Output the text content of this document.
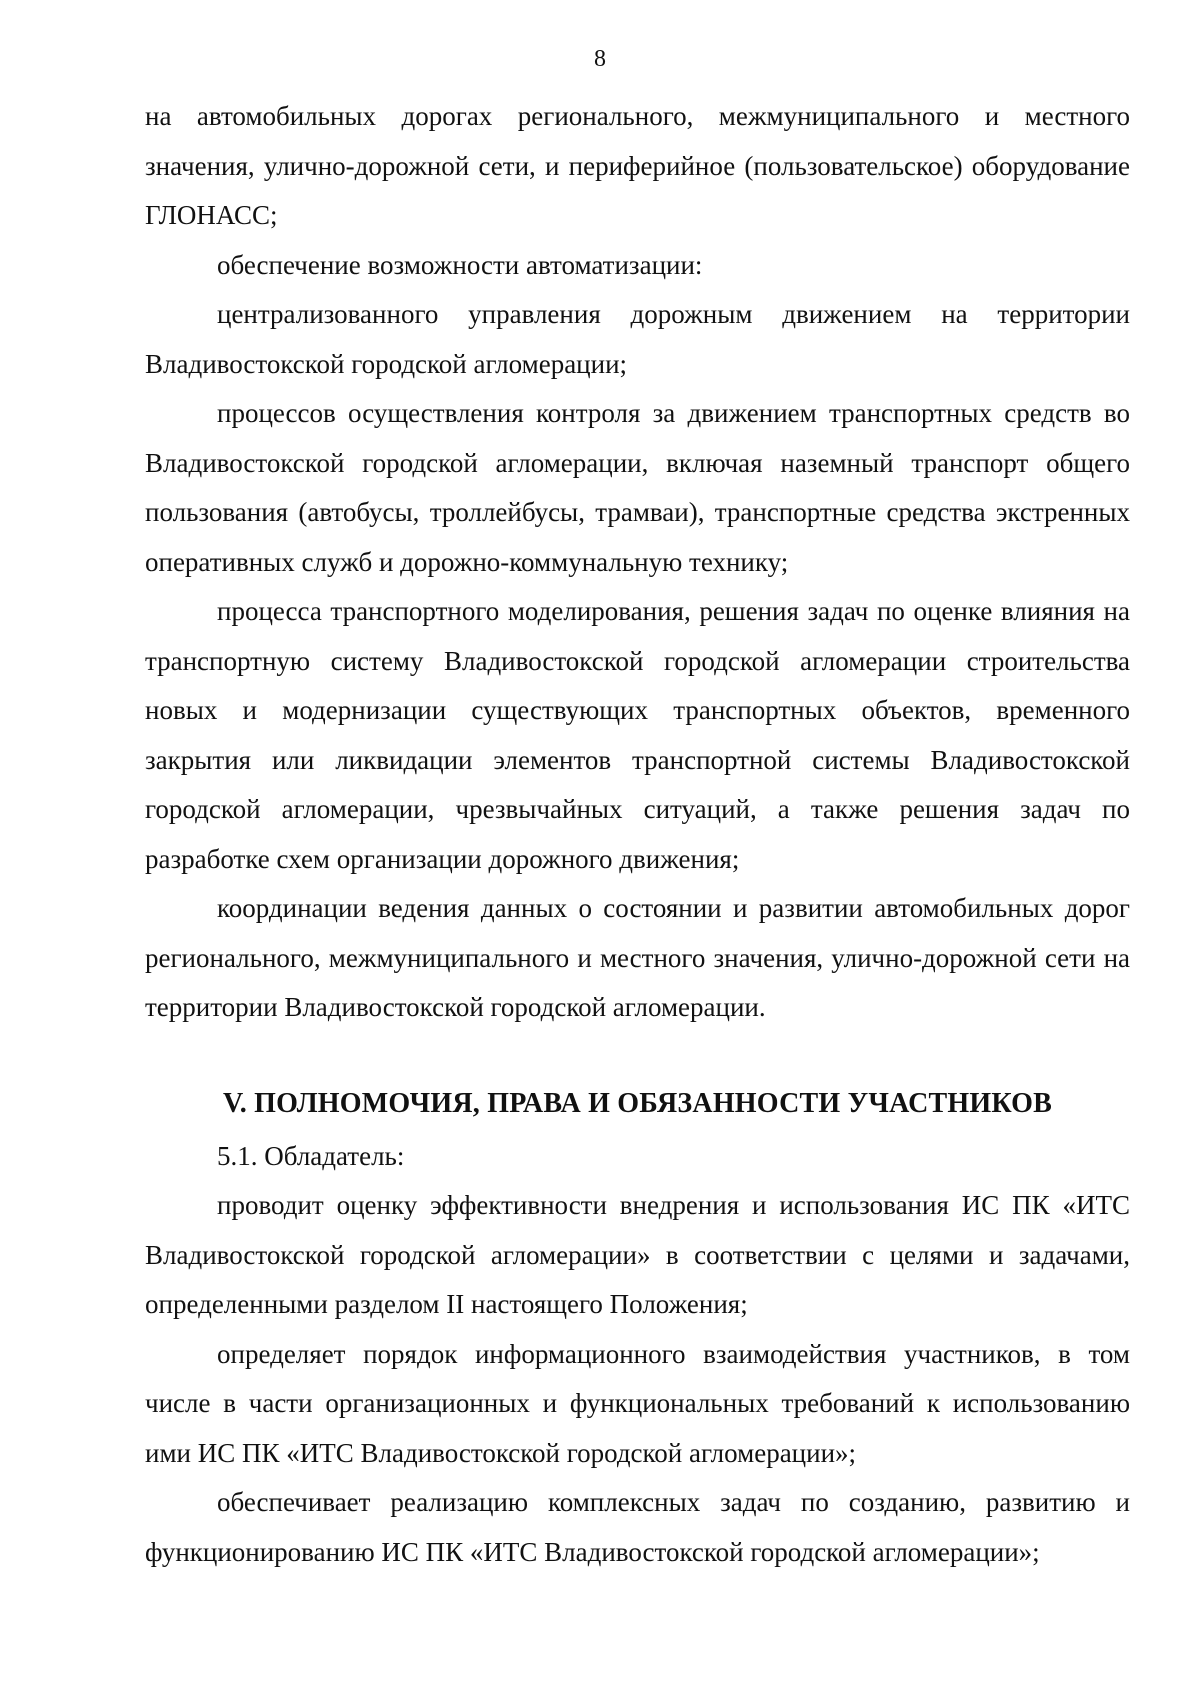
8

на автомобильных дорогах регионального, межмуниципального и местного значения, улично-дорожной сети, и периферийное (пользовательское) оборудование ГЛОНАСС;

обеспечение возможности автоматизации:

централизованного управления дорожным движением на территории Владивостокской городской агломерации;

процессов осуществления контроля за движением транспортных средств во Владивостокской городской агломерации, включая наземный транспорт общего пользования (автобусы, троллейбусы, трамваи), транспортные средства экстренных оперативных служб и дорожно-коммунальную технику;

процесса транспортного моделирования, решения задач по оценке влияния на транспортную систему Владивостокской городской агломерации строительства новых и модернизации существующих транспортных объектов, временного закрытия или ликвидации элементов транспортной системы Владивостокской городской агломерации, чрезвычайных ситуаций, а также решения задач по разработке схем организации дорожного движения;

координации ведения данных о состоянии и развитии автомобильных дорог регионального, межмуниципального и местного значения, улично-дорожной сети на территории Владивостокской городской агломерации.

V. ПОЛНОМОЧИЯ, ПРАВА И ОБЯЗАННОСТИ УЧАСТНИКОВ

5.1. Обладатель:

проводит оценку эффективности внедрения и использования ИС ПК «ИТС Владивостокской городской агломерации» в соответствии с целями и задачами, определенными разделом II настоящего Положения;

определяет порядок информационного взаимодействия участников, в том числе в части организационных и функциональных требований к использованию ими ИС ПК «ИТС Владивостокской городской агломерации»;

обеспечивает реализацию комплексных задач по созданию, развитию и функционированию ИС ПК «ИТС Владивостокской городской агломерации»;
